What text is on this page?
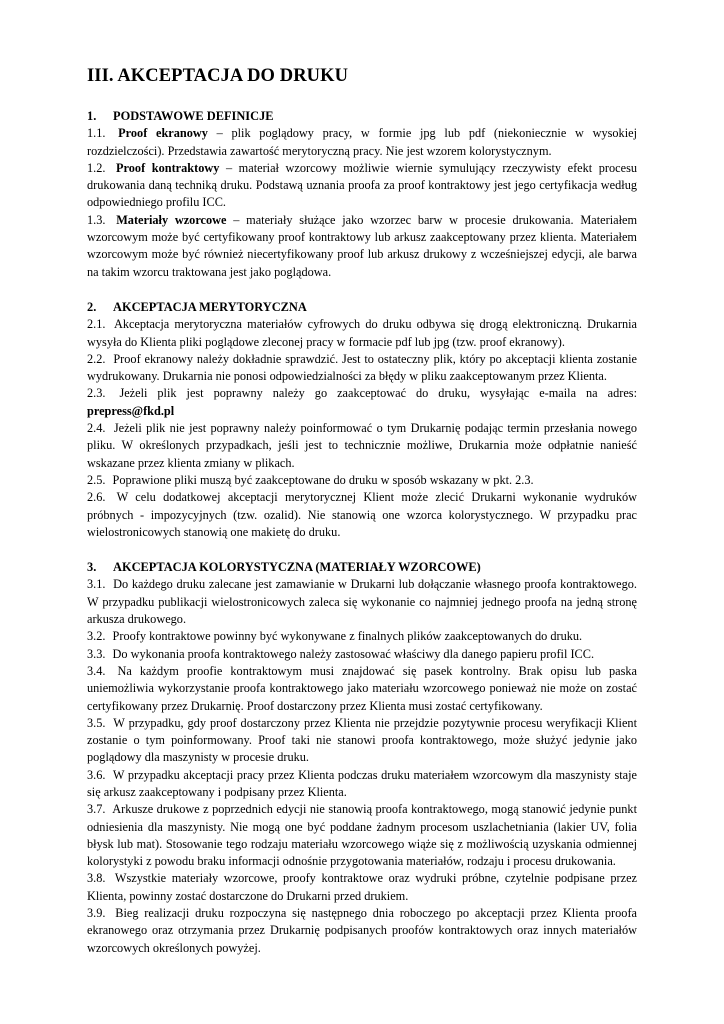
III. AKCEPTACJA DO DRUKU
1.	PODSTAWOWE DEFINICJE

1.1. Proof ekranowy – plik poglądowy pracy, w formie jpg lub pdf (niekoniecznie w wysokiej rozdzielczości). Przedstawia zawartość merytoryczną pracy. Nie jest wzorem kolorystycznym.

1.2. Proof kontraktowy – materiał wzorcowy możliwie wiernie symulujący rzeczywisty efekt procesu drukowania daną techniką druku. Podstawą uznania proofa za proof kontraktowy jest jego certyfikacja według odpowiedniego profilu ICC.

1.3. Materiały wzorcowe – materiały służące jako wzorzec barw w procesie drukowania. Materiałem wzorcowym może być certyfikowany proof kontraktowy lub arkusz zaakceptowany przez klienta. Materiałem wzorcowym może być również niecertyfikowany proof lub arkusz drukowy z wcześniejszej edycji, ale barwa na takim wzorcu traktowana jest jako poglądowa.

2.	AKCEPTACJA MERYTORYCZNA

2.1. Akceptacja merytoryczna materiałów cyfrowych do druku odbywa się drogą elektroniczną. Drukarnia wysyła do Klienta pliki poglądowe zleconej pracy w formacie pdf lub jpg (tzw. proof ekranowy).

2.2. Proof ekranowy należy dokładnie sprawdzić. Jest to ostateczny plik, który po akceptacji klienta zostanie wydrukowany. Drukarnia nie ponosi odpowiedzialności za błędy w pliku zaakceptowanym przez Klienta.

2.3. Jeżeli plik jest poprawny należy go zaakceptować do druku, wysyłając e-maila na adres: prepress@fkd.pl

2.4. Jeżeli plik nie jest poprawny należy poinformować o tym Drukarnię podając termin przesłania nowego pliku. W określonych przypadkach, jeśli jest to technicznie możliwe, Drukarnia może odpłatnie nanieść wskazane przez klienta zmiany w plikach.

2.5. Poprawione pliki muszą być zaakceptowane do druku w sposób wskazany w pkt. 2.3.

2.6. W celu dodatkowej akceptacji merytorycznej Klient może zlecić Drukarni wykonanie wydruków próbnych - impozycyjnych (tzw. ozalid). Nie stanowią one wzorca kolorystycznego. W przypadku prac wielostronicowych stanowią one makietę do druku.

3.	AKCEPTACJA KOLORYSTYCZNA (MATERIAŁY WZORCOWE)

3.1. Do każdego druku zalecane jest zamawianie w Drukarni lub dołączanie własnego proofa kontraktowego. W przypadku publikacji wielostronicowych zaleca się wykonanie co najmniej jednego proofa na jedną stronę arkusza drukowego.

3.2. Proofy kontraktowe powinny być wykonywane z finalnych plików zaakceptowanych do druku.

3.3. Do wykonania proofa kontraktowego należy zastosować właściwy dla danego papieru profil ICC.

3.4. Na każdym proofie kontraktowym musi znajdować się pasek kontrolny. Brak opisu lub paska uniemożliwia wykorzystanie proofa kontraktowego jako materiału wzorcowego ponieważ nie może on zostać certyfikowany przez Drukarnię. Proof dostarczony przez Klienta musi zostać certyfikowany.

3.5. W przypadku, gdy proof dostarczony przez Klienta nie przejdzie pozytywnie procesu weryfikacji Klient zostanie o tym poinformowany. Proof taki nie stanowi proofa kontraktowego, może służyć jedynie jako poglądowy dla maszynisty w procesie druku.

3.6. W przypadku akceptacji pracy przez Klienta podczas druku materiałem wzorcowym dla maszynisty staje się arkusz zaakceptowany i podpisany przez Klienta.

3.7. Arkusze drukowe z poprzednich edycji nie stanowią proofa kontraktowego, mogą stanowić jedynie punkt odniesienia dla maszynisty. Nie mogą one być poddane żadnym procesom uszlachetniania (lakier UV, folia błysk lub mat). Stosowanie tego rodzaju materiału wzorcowego wiąże się z możliwością uzyskania odmiennej kolorystyki z powodu braku informacji odnośnie przygotowania materiałów, rodzaju i procesu drukowania.

3.8. Wszystkie materiały wzorcowe, proofy kontraktowe oraz wydruki próbne, czytelnie podpisane przez Klienta, powinny zostać dostarczone do Drukarni przed drukiem.

3.9. Bieg realizacji druku rozpoczyna się następnego dnia roboczego po akceptacji przez Klienta proofa ekranowego oraz otrzymania przez Drukarnię podpisanych proofów kontraktowych oraz innych materiałów wzorcowych określonych powyżej.
